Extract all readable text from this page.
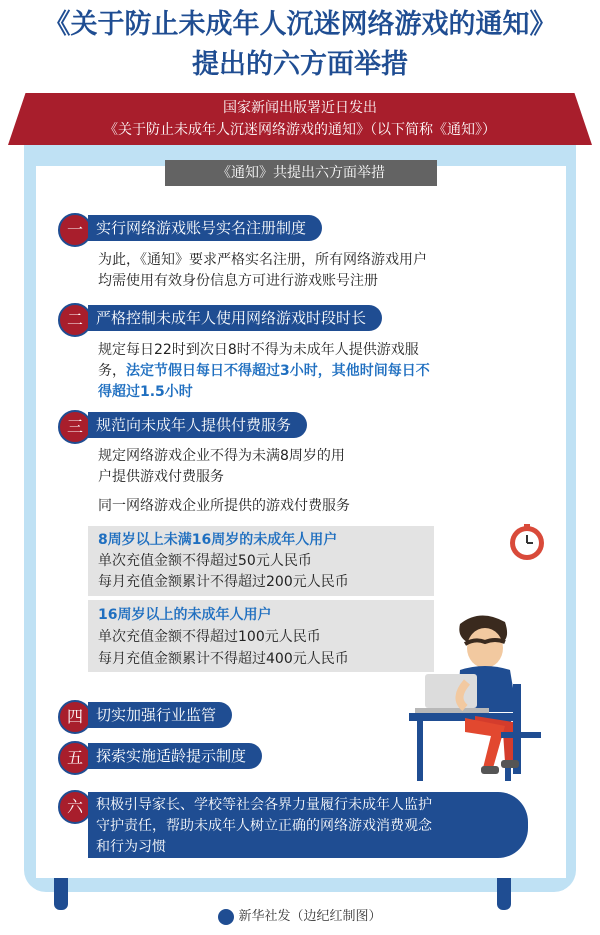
《关于防止未成年人沉迷网络游戏的通知》
提出的六方面举措
国家新闻出版署近日发出
《关于防止未成年人沉迷网络游戏的通知》（以下简称《通知》）
《通知》共提出六方面举措
一 实行网络游戏账号实名注册制度
为此，《通知》要求严格实名注册，所有网络游戏用户
均需使用有效身份信息方可进行游戏账号注册
二 严格控制未成年人使用网络游戏时段时长
规定每日22时到次日8时不得为未成年人提供游戏服
务，法定节假日每日不得超过3小时，其他时间每日不
得超过1.5小时
三 规范向未成年人提供付费服务
规定网络游戏企业不得为未满8周岁的用
户提供游戏付费服务
同一网络游戏企业所提供的游戏付费服务
8周岁以上未满16周岁的未成年人用户
单次充值金额不得超过50元人民币
每月充值金额累计不得超过200元人民币
16周岁以上的未成年人用户
单次充值金额不得超过100元人民币
每月充值金额累计不得超过400元人民币
四 切实加强行业监管
五 探索实施适龄提示制度
六 积极引导家长、学校等社会各界力量履行未成年人监护
守护责任，帮助未成年人树立正确的网络游戏消费观念
和行为习惯
新华社发（边纪红制图）
